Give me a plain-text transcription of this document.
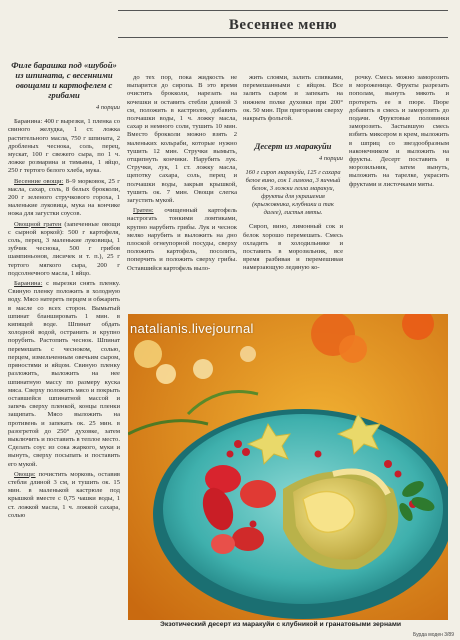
Весеннее меню
Филе барашка под «шубой» из шпината, с весенними овощами и картофелем с грибами
4 порции

Баранина: 400 г вырезки, 1 пленка со свиного желудка, 1 ст. ложка растительного масла, 750 г шпината, 2 дробленых чеснока, соль, перец, мускат, 100 г свежего сыра, по 1 ч. ложке розмарина и тимьяна, 1 яйцо, 250 г тертого белого хлеба, мука.

Весенние овощи: 8–9 морковок, 25 г масла, сахар, соль, 8 белых брокколи, 200 г зеленого стручкового гороха, 1 маленькие луковица, мука на кончике ножа для загустки соусов.

Овощной гратен (запеченные овощи с сырной коркой): 500 г картофеля, соль, перец, 3 маленькие луковицы, 1 зубчик чеснока, 500 г грибов шампиньонов, лисичек и т. п.), 25 г тертого мягкого сыра, 200 г подсолнечного масла, 1 яйцо.

Баранина: с вырезки снять пленку. Свиную пленку положить в холодную воду. Мясо натереть перцем и обжарить в масле со всех сторон. Вымытый шпинат бланшировать 1 мин. в кипящей воде. Шпинат обдать холодной водой, остранить и крупно порубить. Растопить чеснок. Шпинат перемешать с чесноком, солью, перцем, измельченным овечьим сыром, пряностями и яйцом. Свиную пленку разложить, выложить на нее шпинатную массу по размеру куска мяса. Сверху положить мясо и покрыть оставшейся шпинатной массой и запечь сверху пленкой, концы пленки защипать. Мясо выложить на противень и запекать ок. 25 мин. в разогретой до 250° духовке, затем выключить и поставить в теплое место. Сделать соус из сока жаркого, муки и вынуть, сверху посыпать и поставить его мукой.

Овощи: почистить морковь, оставив стебли длиной 3 см, и тушить ок. 15 мин. в маленькой кастрюле под крышкой вместе с 0,75 чашки воды, 1 ст. ложкой масла, 1 ч. ложкой сахара, солью

до тех пор, пока жидкость не выпарится до сиропа. В это время очистить брокколи, нарезать на кочешки и оставить стебли длиной 3 см, положить в кастрюлю, добавить полчашки воды, 1 ч. ложку масла, сахар и немного соли, тушить 10 мин. Вместо брокколи можно взять 2 маленьких кольраби, которые нужно тушить 12 мин. Стручки вымыть, отщипнуть кончики. Нарубить лук. Стручки, лук, 1 ст. ложку масла, щепотку сахара, соль, перец и полчашки воды, закрыв крышкой, тушить ок. 7 мин. Овощи слегка загустить мукой.

Гратен: очищенный картофель настрогать тонкими ломтиками, крупно нарубить грибы. Лук и чеснок мелко нарубить и выложить на дно плоской огнеупорной посуды, сверху положить картофель, посолить, поперчить и положить сверху грибы. Оставшийся картофель выло-

жить слоями, залить сливками, перемешанными с яйцом. Все залить сыром и запекать на нижнем полке духовки при 200° ок. 50 мин. При пригорании сверху накрыть фольгой.

Десерт из маракуйи
4 порции
160 г сироп маракуйи, 125 г сахара белое вино, сок 1 лимона, 3 яичный белок, 3 ложки гелла маракуи, фрукты для украшения (крыжовника, клубники и так далее), листья мяты.

Сироп, вино, лимонный сок и белок хорошо перемешать. Смесь охладить в холодильнике и поставить в морозильник, все время разбивая и перемешивая намерзающую ледяную ко-

рочку. Смесь можно заморозить в мороженице. Фрукты разрезать пополам, вынуть мякоть и протереть ее в пюре. Пюре добавить в смесь и заморозить до подачи. Фруктовые половинки заморозить. Застывшую смесь взбить миксером в крем, выложить в шприц со звездообразным наконечником и выложить на фрукты. Десерт поставить в морозильник, затем вынуть, выложить на тарелке, украсить фруктами и листочками мяты.

natalianis.livejournal
Экзотический десерт из маракуйи с клубникой и гранатовыми зернами
Бурда моден 3/89
